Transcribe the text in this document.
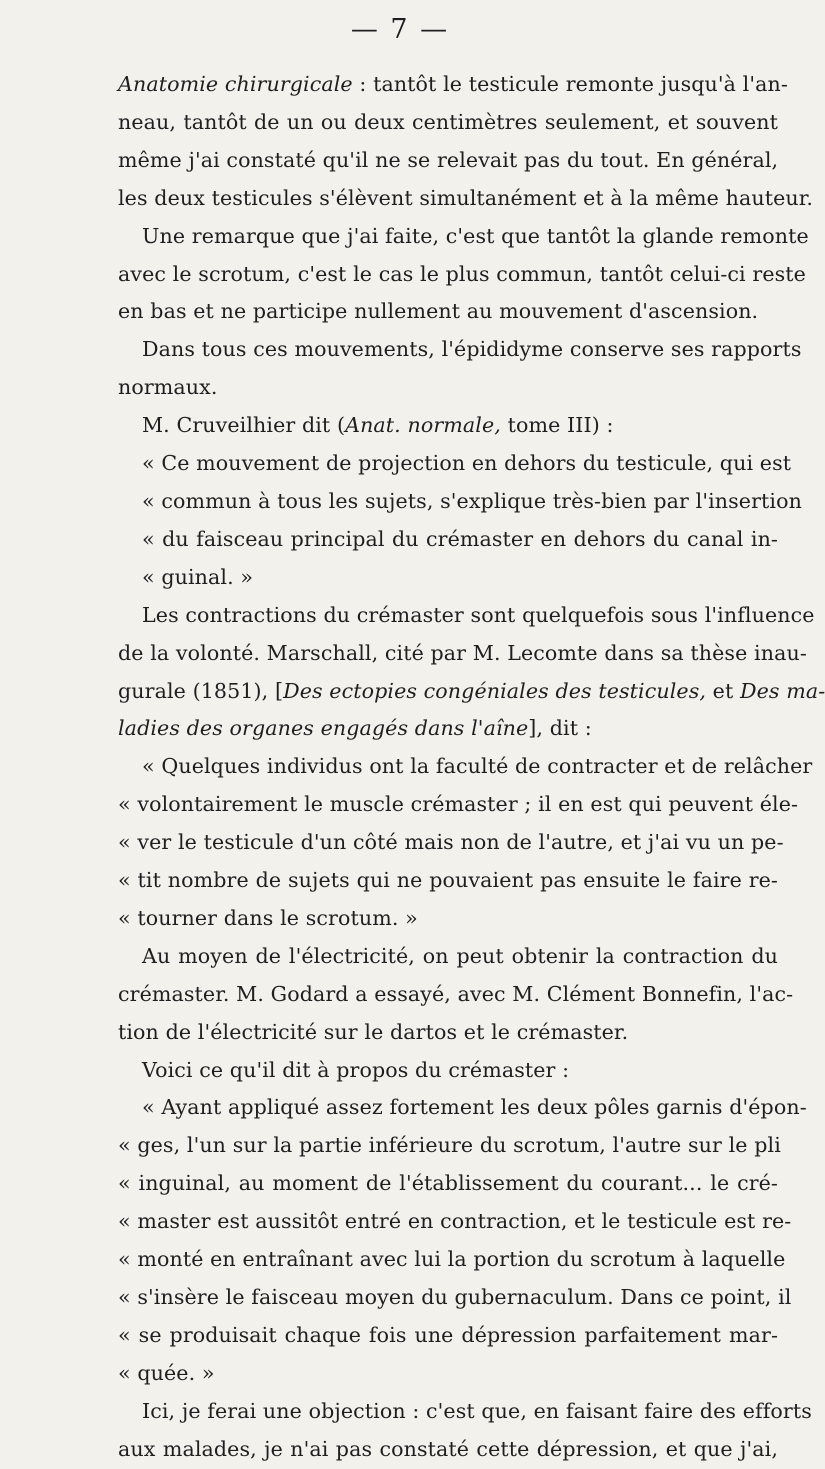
— 7 —
Anatomie chirurgicale : tantôt le testicule remonte jusqu'à l'an-
neau, tantôt de un ou deux centimètres seulement, et souvent
même j'ai constaté qu'il ne se relevait pas du tout. En général,
les deux testicules s'élèvent simultanément et à la même hauteur.
Une remarque que j'ai faite, c'est que tantôt la glande remonte
avec le scrotum, c'est le cas le plus commun, tantôt celui-ci reste
en bas et ne participe nullement au mouvement d'ascension.
Dans tous ces mouvements, l'épididyme conserve ses rapports
normaux.
M. Cruveilhier dit (Anat. normale, tome III) :
« Ce mouvement de projection en dehors du testicule, qui est
« commun à tous les sujets, s'explique très-bien par l'insertion
« du faisceau principal du crémaster en dehors du canal in-
« guinal. »
Les contractions du crémaster sont quelquefois sous l'influence
de la volonté. Marschall, cité par M. Lecomte dans sa thèse inau-
gurale (1851), [Des ectopies congéniales des testicules, et Des ma-
ladies des organes engagés dans l'aîne], dit :
« Quelques individus ont la faculté de contracter et de relâcher
« volontairement le muscle crémaster ; il en est qui peuvent éle-
« ver le testicule d'un côté mais non de l'autre, et j'ai vu un pe-
« tit nombre de sujets qui ne pouvaient pas ensuite le faire re-
« tourner dans le scrotum. »
Au moyen de l'électricité, on peut obtenir la contraction du
crémaster. M. Godard a essayé, avec M. Clément Bonnefin, l'ac-
tion de l'électricité sur le dartos et le crémaster.
Voici ce qu'il dit à propos du crémaster :
« Ayant appliqué assez fortement les deux pôles garnis d'épon-
« ges, l'un sur la partie inférieure du scrotum, l'autre sur le pli
« inguinal, au moment de l'établissement du courant... le cré-
« master est aussitôt entré en contraction, et le testicule est re-
« monté en entraînant avec lui la portion du scrotum à laquelle
« s'insère le faisceau moyen du gubernaculum. Dans ce point, il
« se produisait chaque fois une dépression parfaitement mar-
« quée. »
Ici, je ferai une objection : c'est que, en faisant faire des efforts
aux malades, je n'ai pas constaté cette dépression, et que j'ai,
